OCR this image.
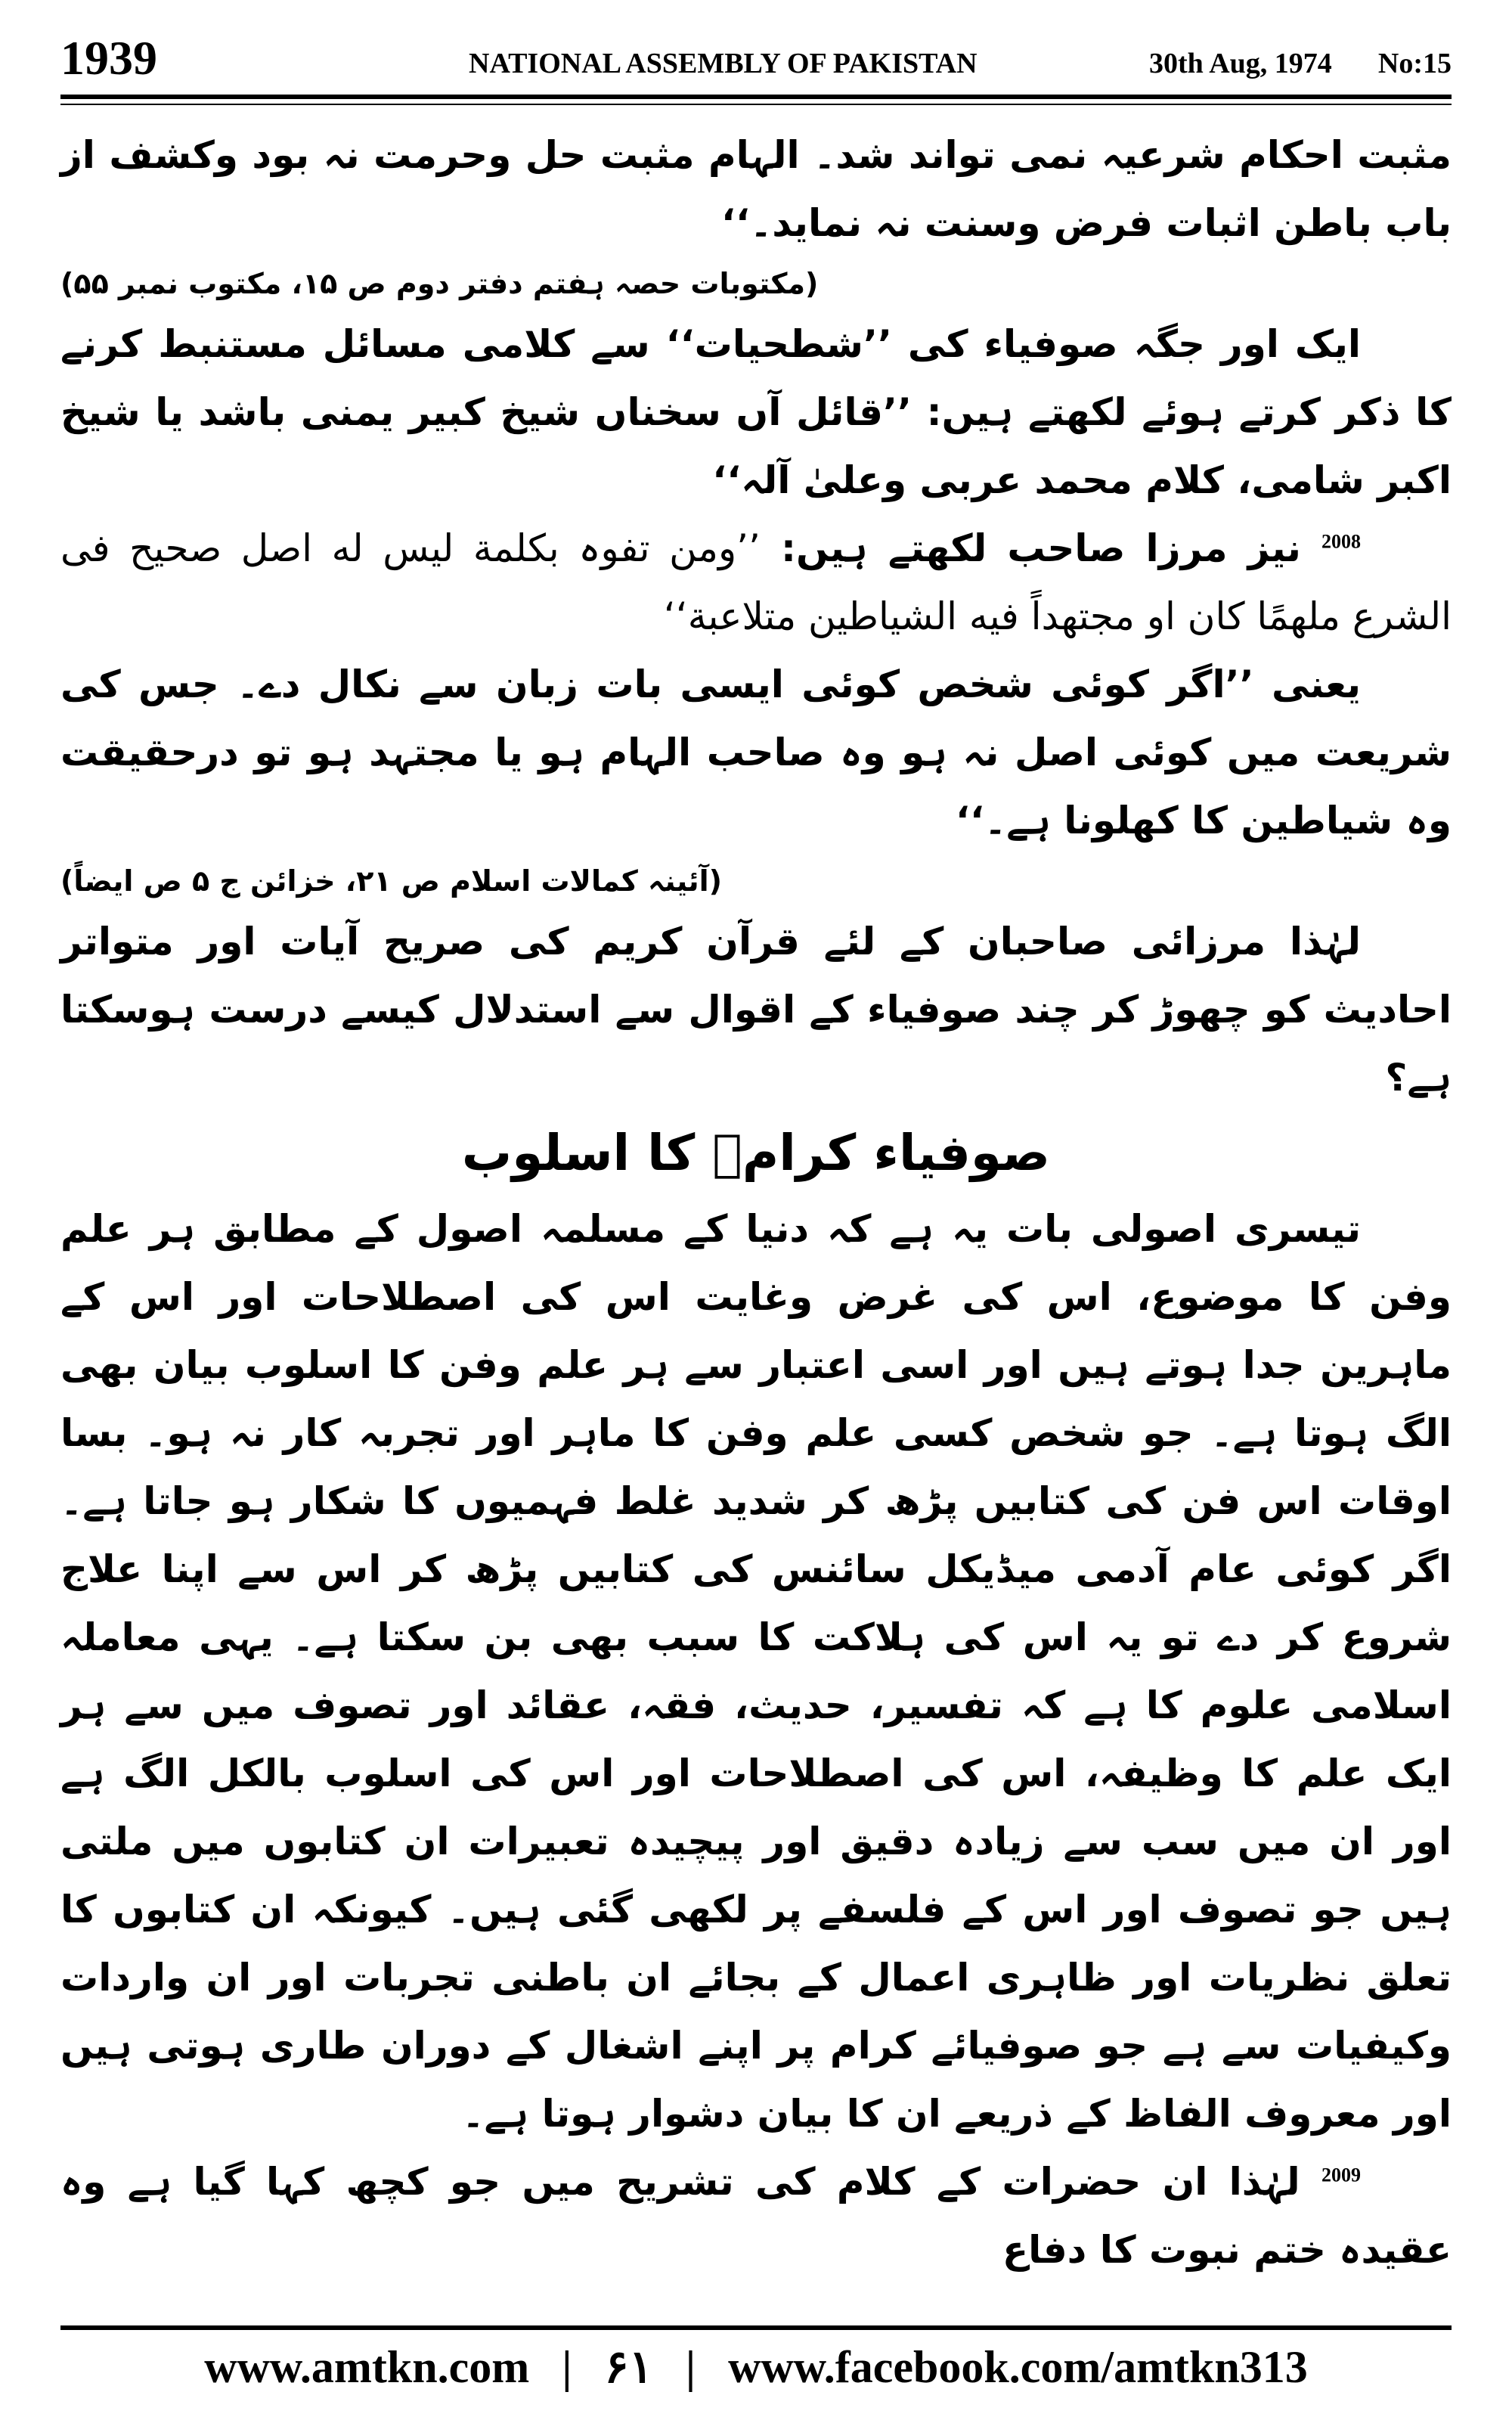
1939	NATIONAL ASSEMBLY OF PAKISTAN	30th Aug, 1974 No:15

مثبت احکام شرعیہ نمی تواند شد۔ الہام مثبت حل وحرمت نہ بود وکشف از باب باطن اثبات فرض وسنت نہ نماید۔‘‘

(مکتوبات حصہ ہفتم دفتر دوم ص ۱۵، مکتوب نمبر ۵۵)

ایک اور جگہ صوفیاء کی ’’شطحیات‘‘ سے کلامی مسائل مستنبط کرنے کا ذکر کرتے ہوئے لکھتے ہیں: ’’قائل آں سخناں شیخ کبیر یمنی باشد یا شیخ اکبر شامی، کلام محمد عربی وعلیٰ آلہ‘‘

$^{2008}$ نیز مرزا صاحب لکھتے ہیں: ’’ومن تفوہ بکلمة لیس له اصل صحیح فی الشرع ملهمًا کان او مجتهداً فیه الشیاطین متلاعبة‘‘

یعنی ’’اگر کوئی شخص کوئی ایسی بات زبان سے نکال دے۔ جس کی شریعت میں کوئی اصل نہ ہو وہ صاحب الہام ہو یا مجتہد ہو تو درحقیقت وہ شیاطین کا کھلونا ہے۔‘‘

(آئینہ کمالات اسلام ص ۲۱، خزائن ج ۵ ص ایضاً)

لہٰذا مرزائی صاحبان کے لئے قرآن کریم کی صریح آیات اور متواتر احادیث کو چھوڑ کر چند صوفیاء کے اقوال سے استدلال کیسے درست ہوسکتا ہے؟

صوفیاء کرامؒ کا اسلوب

تیسری اصولی بات یہ ہے کہ دنیا کے مسلمہ اصول کے مطابق ہر علم وفن کا موضوع، اس کی غرض وغایت اس کی اصطلاحات اور اس کے ماہرین جدا ہوتے ہیں اور اسی اعتبار سے ہر علم وفن کا اسلوب بیان بھی الگ ہوتا ہے۔ جو شخص کسی علم وفن کا ماہر اور تجربہ کار نہ ہو۔ بسا اوقات اس فن کی کتابیں پڑھ کر شدید غلط فہمیوں کا شکار ہو جاتا ہے۔ اگر کوئی عام آدمی میڈیکل سائنس کی کتابیں پڑھ کر اس سے اپنا علاج شروع کر دے تو یہ اس کی ہلاکت کا سبب بھی بن سکتا ہے۔ یہی معاملہ اسلامی علوم کا ہے کہ تفسیر، حدیث، فقہ، عقائد اور تصوف میں سے ہر ایک علم کا وظیفہ، اس کی اصطلاحات اور اس کی اسلوب بالکل الگ ہے اور ان میں سب سے زیادہ دقیق اور پیچیدہ تعبیرات ان کتابوں میں ملتی ہیں جو تصوف اور اس کے فلسفے پر لکھی گئی ہیں۔ کیونکہ ان کتابوں کا تعلق نظریات اور ظاہری اعمال کے بجائے ان باطنی تجربات اور ان واردات وکیفیات سے ہے جو صوفیائے کرام پر اپنے اشغال کے دوران طاری ہوتی ہیں اور معروف الفاظ کے ذریعے ان کا بیان دشوار ہوتا ہے۔

$^{2009}$ لہٰذا ان حضرات کے کلام کی تشریح میں جو کچھ کہا گیا ہے وہ عقیدہ ختم نبوت کا دفاع

www.amtkn.com | ۶۱ | www.facebook.com/amtkn313
